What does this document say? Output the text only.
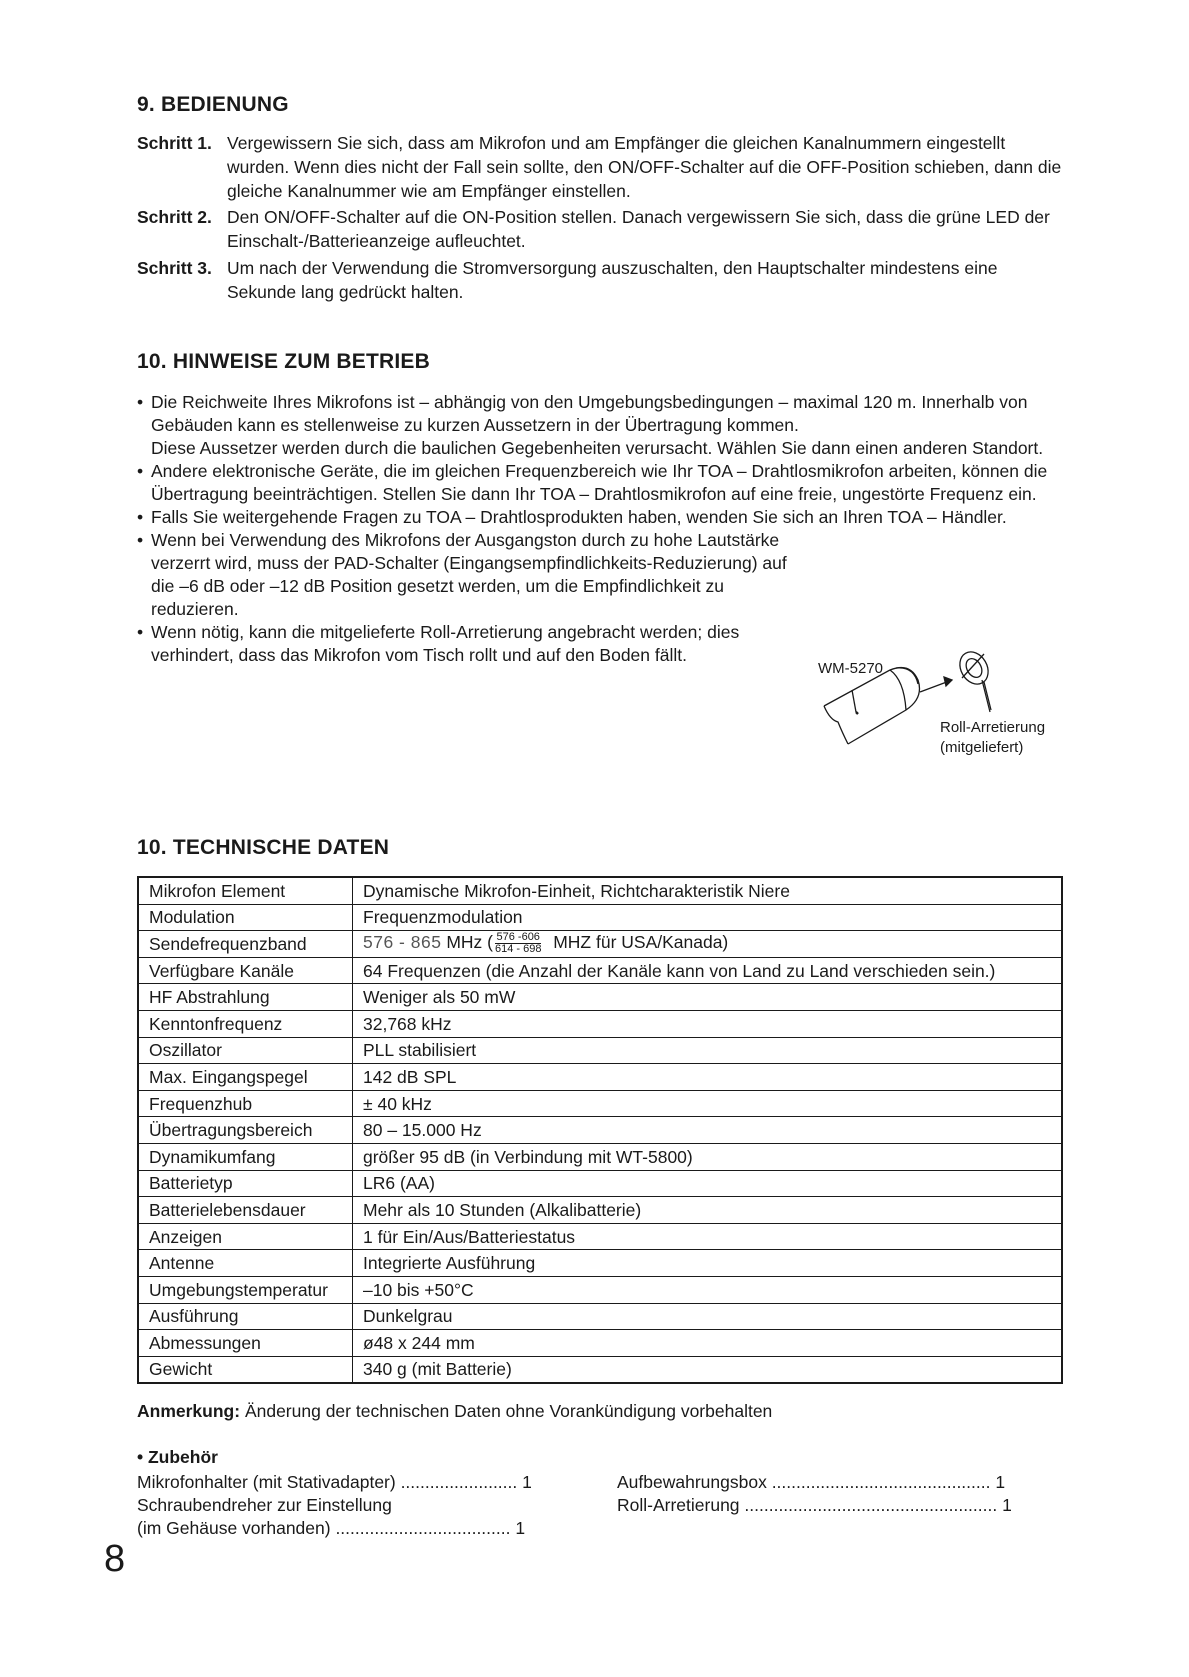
9. BEDIENUNG
Schritt 1. Vergewissern Sie sich, dass am Mikrofon und am Empfänger die gleichen Kanalnummern eingestellt wurden. Wenn dies nicht der Fall sein sollte, den ON/OFF-Schalter auf die OFF-Position schieben, dann die gleiche Kanalnummer wie am Empfänger einstellen.
Schritt 2. Den ON/OFF-Schalter auf die ON-Position stellen. Danach vergewissern Sie sich, dass die grüne LED der Einschalt-/Batterieanzeige aufleuchtet.
Schritt 3. Um nach der Verwendung die Stromversorgung auszuschalten, den Hauptschalter mindestens eine Sekunde lang gedrückt halten.
10. HINWEISE ZUM BETRIEB
• Die Reichweite Ihres Mikrofons ist – abhängig von den Umgebungsbedingungen – maximal 120 m. Innerhalb von Gebäuden kann es stellenweise zu kurzen Aussetzern in der Übertragung kommen.
Diese Aussetzer werden durch die baulichen Gegebenheiten verursacht. Wählen Sie dann einen anderen Standort.
• Andere elektronische Geräte, die im gleichen Frequenzbereich wie Ihr TOA – Drahtlosmikrofon arbeiten, können die Übertragung beeinträchtigen. Stellen Sie dann Ihr TOA – Drahtlosmikrofon auf eine freie, ungestörte Frequenz ein.
• Falls Sie weitergehende Fragen zu TOA – Drahtlosprodukten haben, wenden Sie sich an Ihren TOA – Händler.
• Wenn bei Verwendung des Mikrofons der Ausgangston durch zu hohe Lautstärke verzerrt wird, muss der PAD-Schalter (Eingangsempfindlichkeits-Reduzierung) auf die –6 dB oder –12 dB Position gesetzt werden, um die Empfindlichkeit zu reduzieren.
• Wenn nötig, kann die mitgelieferte Roll-Arretierung angebracht werden; dies verhindert, dass das Mikrofon vom Tisch rollt und auf den Boden fällt.
WM-5270
Roll-Arretierung
(mitgeliefert)
10. TECHNISCHE DATEN
Mikrofon Element	Dynamische Mikrofon-Einheit, Richtcharakteristik Niere
Modulation	Frequenzmodulation
Sendefrequenzband	576 - 865 MHz ( $\frac{576 -606}{614 - 698}$ MHZ für USA/Kanada)
Verfügbare Kanäle	64 Frequenzen (die Anzahl der Kanäle kann von Land zu Land verschieden sein.)
HF Abstrahlung	Weniger als 50 mW
Kenntonfrequenz	32,768 kHz
Oszillator	PLL stabilisiert
Max. Eingangspegel	142 dB SPL
Frequenzhub	± 40 kHz
Übertragungsbereich	80 – 15.000 Hz
Dynamikumfang	größer 95 dB (in Verbindung mit WT-5800)
Batterietyp	LR6 (AA)
Batterielebensdauer	Mehr als 10 Stunden (Alkalibatterie)
Anzeigen	1 für Ein/Aus/Batteriestatus
Antenne	Integrierte Ausführung
Umgebungstemperatur	–10 bis +50°C
Ausführung	Dunkelgrau
Abmessungen	ø48 x 244 mm
Gewicht	340 g (mit Batterie)
Anmerkung: Änderung der technischen Daten ohne Vorankündigung vorbehalten
• Zubehör
Mikrofonhalter (mit Stativadapter) ........................ 1
Schraubendreher zur Einstellung
(im Gehäuse vorhanden) .................................... 1
Aufbewahrungsbox ............................................. 1
Roll-Arretierung .................................................... 1
8
